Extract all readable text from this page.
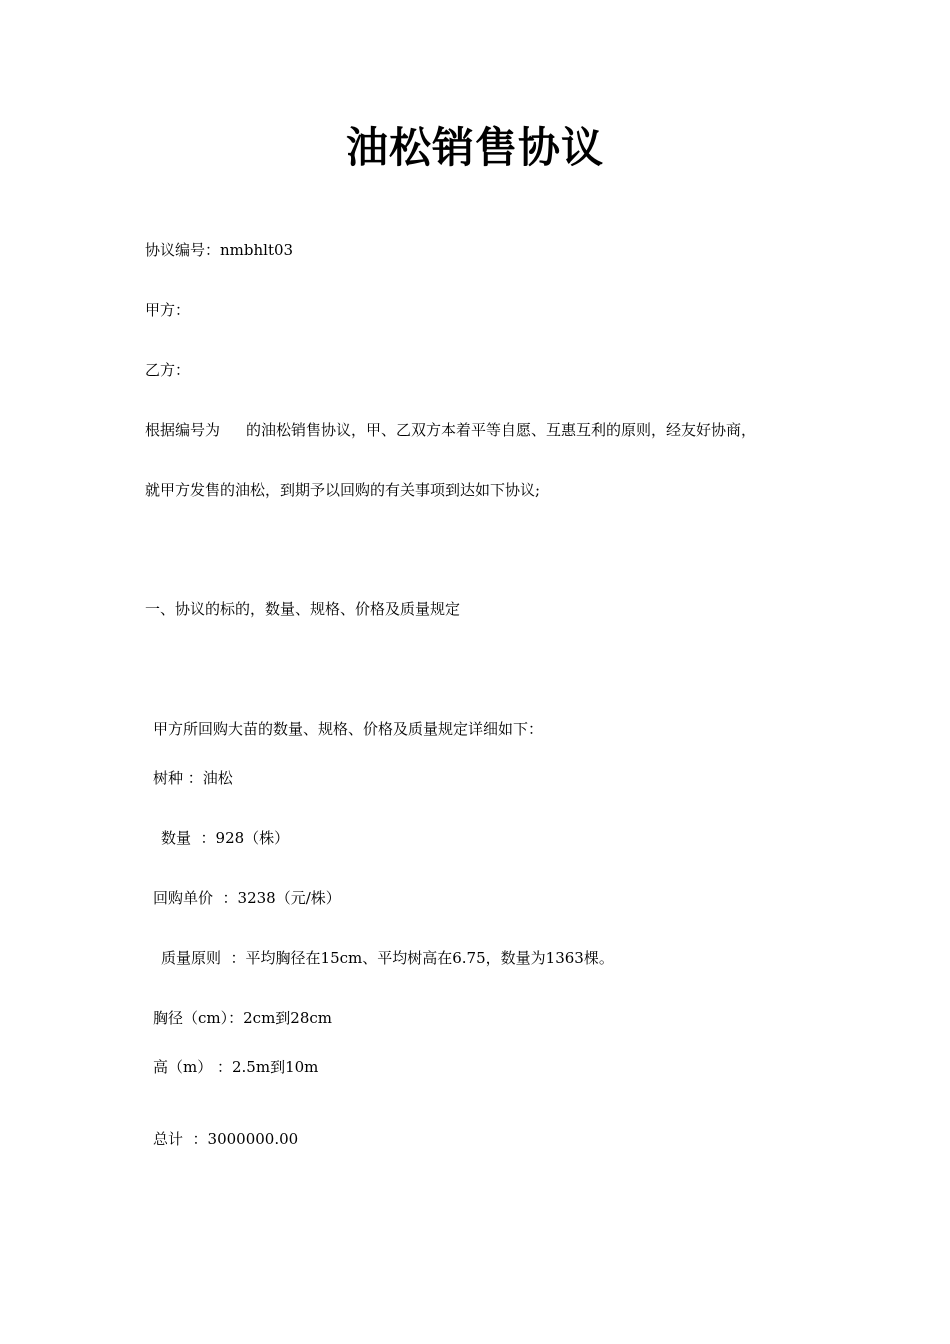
油松销售协议
协议编号：nmbhlt03
甲方：
乙方：
根据编号为 的油松销售协议，甲、乙双方本着平等自愿、互惠互利的原则，经友好协商，
就甲方发售的油松，到期予以回购的有关事项到达如下协议;
一、协议的标的，数量、规格、价格及质量规定
甲方所回购大苗的数量、规格、价格及质量规定详细如下：
树种 ：油松
数量  ：928（株）
回购单价  ：3238（元/株）
质量原则  ：平均胸径在15cm、平均树高在6.75，数量为1363棵。
胸径（cm）：2cm到28cm
高（m） ：2.5m到10m
总计  ：3000000.00
